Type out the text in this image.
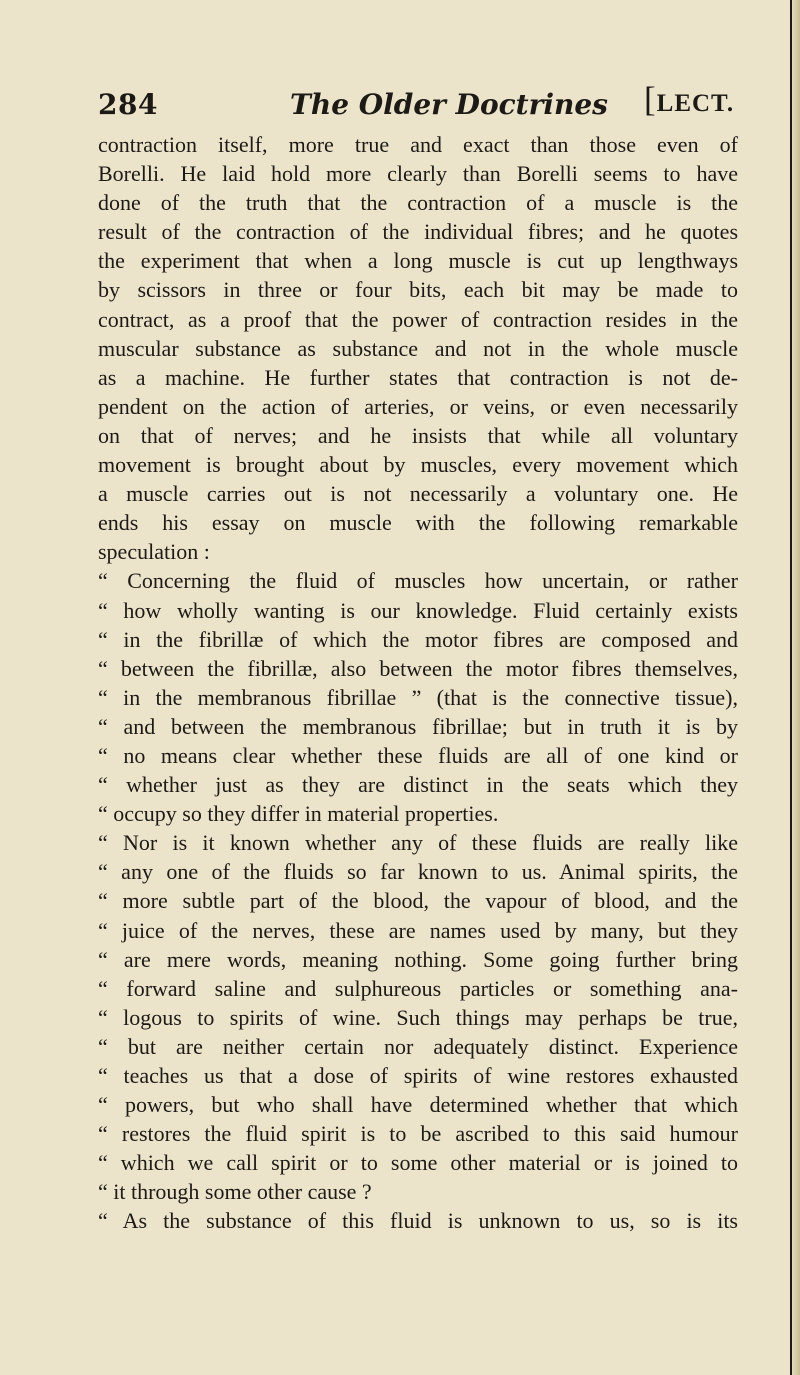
284	The Older Doctrines [LECT.
contraction itself, more true and exact than those even of
Borelli. He laid hold more clearly than Borelli seems to have
done of the truth that the contraction of a muscle is the
result of the contraction of the individual fibres; and he quotes
the experiment that when a long muscle is cut up lengthways
by scissors in three or four bits, each bit may be made to
contract, as a proof that the power of contraction resides in the
muscular substance as substance and not in the whole muscle
as a machine. He further states that contraction is not de-
pendent on the action of arteries, or veins, or even necessarily
on that of nerves; and he insists that while all voluntary
movement is brought about by muscles, every movement which
a muscle carries out is not necessarily a voluntary one. He
ends his essay on muscle with the following remarkable
speculation :
“ Concerning the fluid of muscles how uncertain, or rather
“ how wholly wanting is our knowledge. Fluid certainly exists
“ in the fibrillæ of which the motor fibres are composed and
“ between the fibrillæ, also between the motor fibres themselves,
“ in the membranous fibrillae ” (that is the connective tissue),
“ and between the membranous fibrillae; but in truth it is by
“ no means clear whether these fluids are all of one kind or
“ whether just as they are distinct in the seats which they
“ occupy so they differ in material properties.
“ Nor is it known whether any of these fluids are really like
“ any one of the fluids so far known to us. Animal spirits, the
“ more subtle part of the blood, the vapour of blood, and the
“ juice of the nerves, these are names used by many, but they
“ are mere words, meaning nothing. Some going further bring
“ forward saline and sulphureous particles or something ana-
“ logous to spirits of wine. Such things may perhaps be true,
“ but are neither certain nor adequately distinct. Experience
“ teaches us that a dose of spirits of wine restores exhausted
“ powers, but who shall have determined whether that which
“ restores the fluid spirit is to be ascribed to this said humour
“ which we call spirit or to some other material or is joined to
“ it through some other cause ?
“ As the substance of this fluid is unknown to us, so is its
